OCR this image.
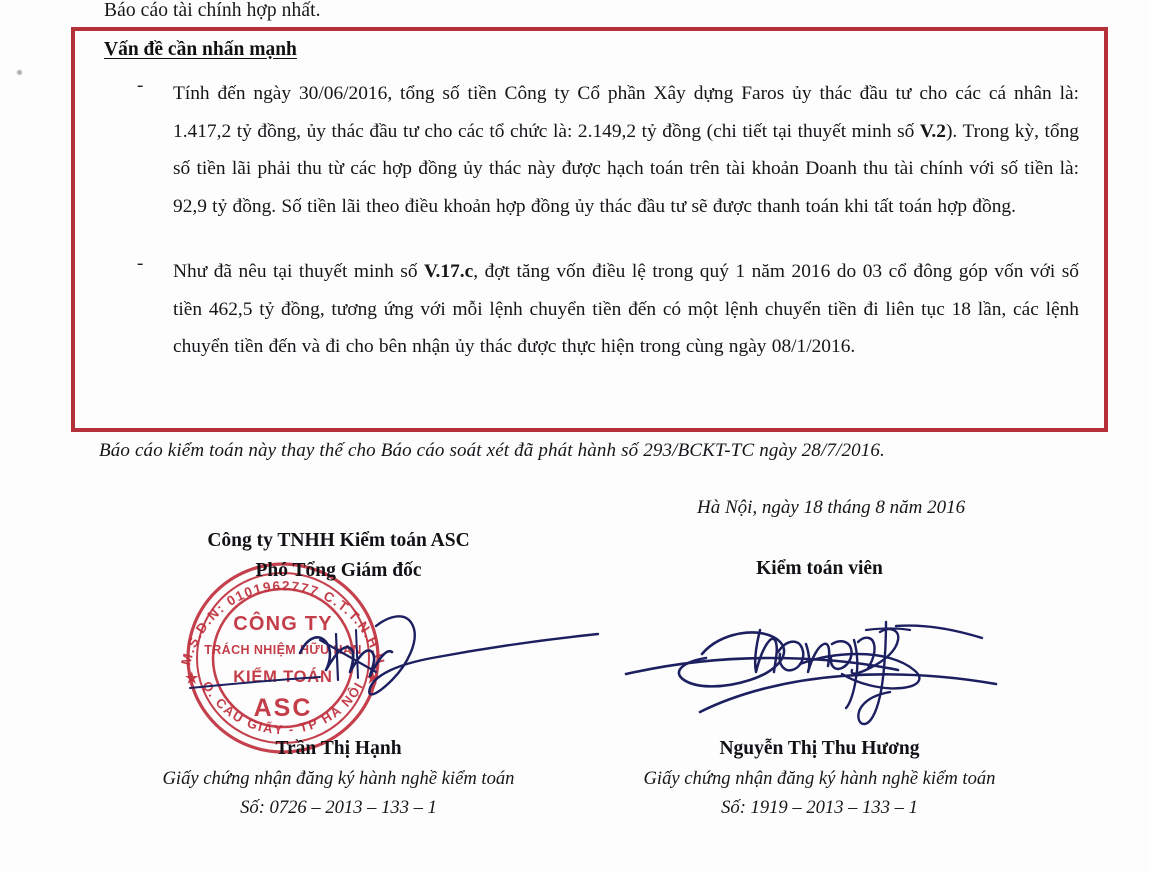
Báo cáo tài chính hợp nhất.
Vấn đề cần nhấn mạnh
- Tính đến ngày 30/06/2016, tổng số tiền Công ty Cổ phần Xây dựng Faros ủy thác đầu tư cho các cá nhân là: 1.417,2 tỷ đồng, ủy thác đầu tư cho các tổ chức là: 2.149,2 tỷ đồng (chi tiết tại thuyết minh số V.2). Trong kỳ, tổng số tiền lãi phải thu từ các hợp đồng ủy thác này được hạch toán trên tài khoản Doanh thu tài chính với số tiền là: 92,9 tỷ đồng. Số tiền lãi theo điều khoản hợp đồng ủy thác đầu tư sẽ được thanh toán khi tất toán hợp đồng.

- Như đã nêu tại thuyết minh số V.17.c, đợt tăng vốn điều lệ trong quý 1 năm 2016 do 03 cổ đông góp vốn với số tiền 462,5 tỷ đồng, tương ứng với mỗi lệnh chuyển tiền đến có một lệnh chuyển tiền đi liên tục 18 lần, các lệnh chuyển tiền đến và đi cho bên nhận ủy thác được thực hiện trong cùng ngày 08/1/2016.

Báo cáo kiểm toán này thay thế cho Báo cáo soát xét đã phát hành số 293/BCKT-TC ngày 28/7/2016.
Hà Nội, ngày 18 tháng 8 năm 2016

Công ty TNHH Kiểm toán ASC

Phó Tổng Giám đốc	Kiểm toán viên

M.S.D.N: 0101962777 C.T.T.N.H.H
Q. CẦU GIẤY - TP HÀ NỘI
★	★
CÔNG TY
TRÁCH NHIỆM HỮU HẠN
KIỂM TOÁN
ASC

Trần Thị Hạnh

Giấy chứng nhận đăng ký hành nghề kiểm toán

Số: 0726 – 2013 – 133 – 1

Nguyễn Thị Thu Hương

Giấy chứng nhận đăng ký hành nghề kiểm toán

Số: 1919 – 2013 – 133 – 1
